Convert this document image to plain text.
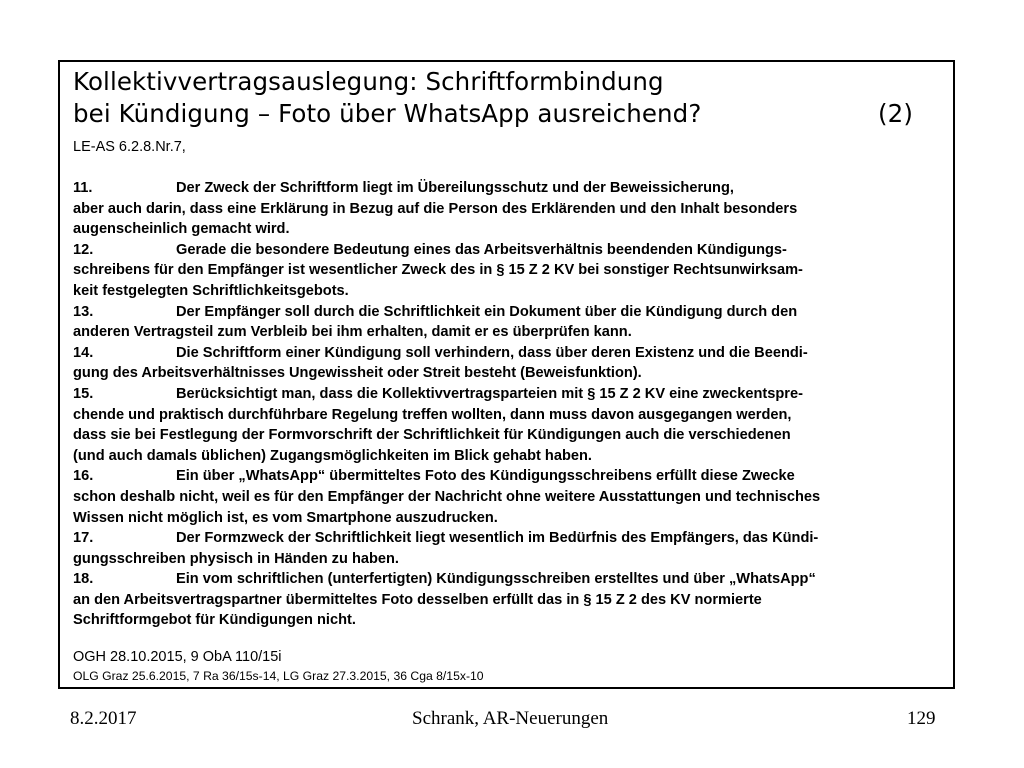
Kollektivvertragsauslegung: Schriftformbindung
bei Kündigung – Foto über WhatsApp ausreichend?	(2)
LE-AS 6.2.8.Nr.7,
11.	Der Zweck der Schriftform liegt im Übereilungsschutz und der Beweissicherung,
aber auch darin, dass eine Erklärung in Bezug auf die Person des Erklärenden und den Inhalt besonders
augenscheinlich gemacht wird.
12.	Gerade die besondere Bedeutung eines das Arbeitsverhältnis beendenden Kündigungs-
schreibens für den Empfänger ist wesentlicher Zweck des in § 15 Z 2 KV bei sonstiger Rechtsunwirksam-
keit festgelegten Schriftlichkeitsgebots.
13.	Der Empfänger soll durch die Schriftlichkeit ein Dokument über die Kündigung durch den
anderen Vertragsteil zum Verbleib bei ihm erhalten, damit er es überprüfen kann.
14.	Die Schriftform einer Kündigung soll verhindern, dass über deren Existenz und die Beendi-
gung des Arbeitsverhältnisses Ungewissheit oder Streit besteht (Beweisfunktion).
15.	Berücksichtigt man, dass die Kollektivvertragsparteien mit § 15 Z 2 KV eine zweckentspre-
chende und praktisch durchführbare Regelung treffen wollten, dann muss davon ausgegangen werden,
dass sie bei Festlegung der Formvorschrift der Schriftlichkeit für Kündigungen auch die verschiedenen
(und auch damals üblichen) Zugangsmöglichkeiten im Blick gehabt haben.
16.	Ein über „WhatsApp“ übermitteltes Foto des Kündigungsschreibens erfüllt diese Zwecke
schon deshalb nicht, weil es für den Empfänger der Nachricht ohne weitere Ausstattungen und technisches
Wissen nicht möglich ist, es vom Smartphone auszudrucken.
17.	Der Formzweck der Schriftlichkeit liegt wesentlich im Bedürfnis des Empfängers, das Kündi-
gungsschreiben physisch in Händen zu haben.
18.	Ein vom schriftlichen (unterfertigten) Kündigungsschreiben erstelltes und über „WhatsApp“
an den Arbeitsvertragspartner übermitteltes Foto desselben erfüllt das in § 15 Z 2 des KV normierte
Schriftformgebot für Kündigungen nicht.
OGH 28.10.2015, 9 ObA 110/15i
OLG Graz 25.6.2015, 7 Ra 36/15s-14, LG Graz 27.3.2015, 36 Cga 8/15x-10
8.2.2017	Schrank, AR-Neuerungen	129
